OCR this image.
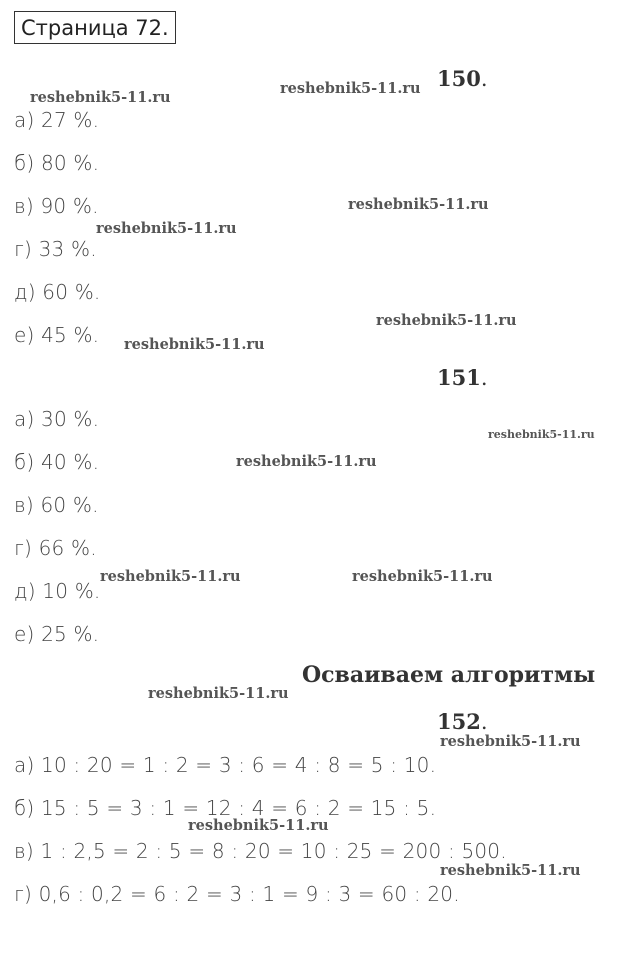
Страница 72.
150.
а) 27 %.
б) 80 %.
в) 90 %.
г) 33 %.
д) 60 %.
е) 45 %.
151.
а) 30 %.
б) 40 %.
в) 60 %.
г) 66 %.
д) 10 %.
е) 25 %.
Осваиваем алгоритмы
152.
а) 10 : 20 = 1 : 2 = 3 : 6 = 4 : 8 = 5 : 10.
б) 15 : 5 = 3 : 1 = 12 : 4 = 6 : 2 = 15 : 5.
в) 1 : 2,5 = 2 : 5 = 8 : 20 = 10 : 25 = 200 : 500.
г) 0,6 : 0,2 = 6 : 2 = 3 : 1 = 9 : 3 = 60 : 20.
reshebnik5-11.ru
reshebnik5-11.ru
reshebnik5-11.ru
reshebnik5-11.ru
reshebnik5-11.ru
reshebnik5-11.ru
reshebnik5-11.ru
reshebnik5-11.ru
reshebnik5-11.ru	reshebnik5-11.ru
reshebnik5-11.ru
reshebnik5-11.ru
reshebnik5-11.ru
reshebnik5-11.ru
